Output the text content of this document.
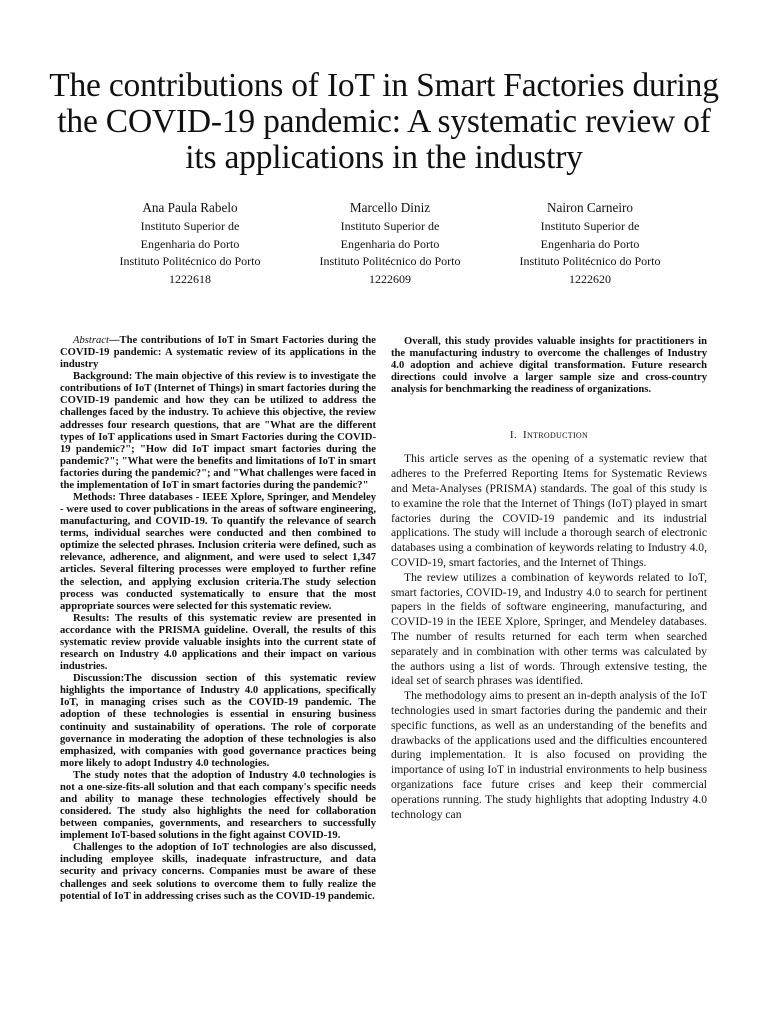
The contributions of IoT in Smart Factories during the COVID-19 pandemic: A systematic review of its applications in the industry
Ana Paula Rabelo
Instituto Superior de
Engenharia do Porto
Instituto Politécnico do Porto
1222618
Marcello Diniz
Instituto Superior de
Engenharia do Porto
Instituto Politécnico do Porto
1222609
Nairon Carneiro
Instituto Superior de
Engenharia do Porto
Instituto Politécnico do Porto
1222620

Abstract—The contributions of IoT in Smart Factories during the COVID-19 pandemic: A systematic review of its applications in the industry

Background: The main objective of this review is to investigate the contributions of IoT (Internet of Things) in smart factories during the COVID-19 pandemic and how they can be utilized to address the challenges faced by the industry. To achieve this objective, the review addresses four research questions, that are "What are the different types of IoT applications used in Smart Factories during the COVID-19 pandemic?"; "How did IoT impact smart factories during the pandemic?"; "What were the benefits and limitations of IoT in smart factories during the pandemic?"; and "What challenges were faced in the implementation of IoT in smart factories during the pandemic?"

Methods: Three databases - IEEE Xplore, Springer, and Mendeley - were used to cover publications in the areas of software engineering, manufacturing, and COVID-19. To quantify the relevance of search terms, individual searches were conducted and then combined to optimize the selected phrases. Inclusion criteria were defined, such as relevance, adherence, and alignment, and were used to select 1,347 articles. Several filtering processes were employed to further refine the selection, and applying exclusion criteria.The study selection process was conducted systematically to ensure that the most appropriate sources were selected for this systematic review.

Results: The results of this systematic review are presented in accordance with the PRISMA guideline. Overall, the results of this systematic review provide valuable insights into the current state of research on Industry 4.0 applications and their impact on various industries.

Discussion:The discussion section of this systematic review highlights the importance of Industry 4.0 applications, specifically IoT, in managing crises such as the COVID-19 pandemic. The adoption of these technologies is essential in ensuring business continuity and sustainability of operations. The role of corporate governance in moderating the adoption of these technologies is also emphasized, with companies with good governance practices being more likely to adopt Industry 4.0 technologies.

The study notes that the adoption of Industry 4.0 technologies is not a one-size-fits-all solution and that each company's specific needs and ability to manage these technologies effectively should be considered. The study also highlights the need for collaboration between companies, governments, and researchers to successfully implement IoT-based solutions in the fight against COVID-19.

Challenges to the adoption of IoT technologies are also discussed, including employee skills, inadequate infrastructure, and data security and privacy concerns. Companies must be aware of these challenges and seek solutions to overcome them to fully realize the potential of IoT in addressing crises such as the COVID-19 pandemic.

Overall, this study provides valuable insights for practitioners in the manufacturing industry to overcome the challenges of Industry 4.0 adoption and achieve digital transformation. Future research directions could involve a larger sample size and cross-country analysis for benchmarking the readiness of organizations.

I. Introduction

This article serves as the opening of a systematic review that adheres to the Preferred Reporting Items for Systematic Reviews and Meta-Analyses (PRISMA) standards. The goal of this study is to examine the role that the Internet of Things (IoT) played in smart factories during the COVID-19 pandemic and its industrial applications. The study will include a thorough search of electronic databases using a combination of keywords relating to Industry 4.0, COVID-19, smart factories, and the Internet of Things.

The review utilizes a combination of keywords related to IoT, smart factories, COVID-19, and Industry 4.0 to search for pertinent papers in the fields of software engineering, manufacturing, and COVID-19 in the IEEE Xplore, Springer, and Mendeley databases. The number of results returned for each term when searched separately and in combination with other terms was calculated by the authors using a list of words. Through extensive testing, the ideal set of search phrases was identified.

The methodology aims to present an in-depth analysis of the IoT technologies used in smart factories during the pandemic and their specific functions, as well as an understanding of the benefits and drawbacks of the applications used and the difficulties encountered during implementation. It is also focused on providing the importance of using IoT in industrial environments to help business organizations face future crises and keep their commercial operations running. The study highlights that adopting Industry 4.0 technology can
